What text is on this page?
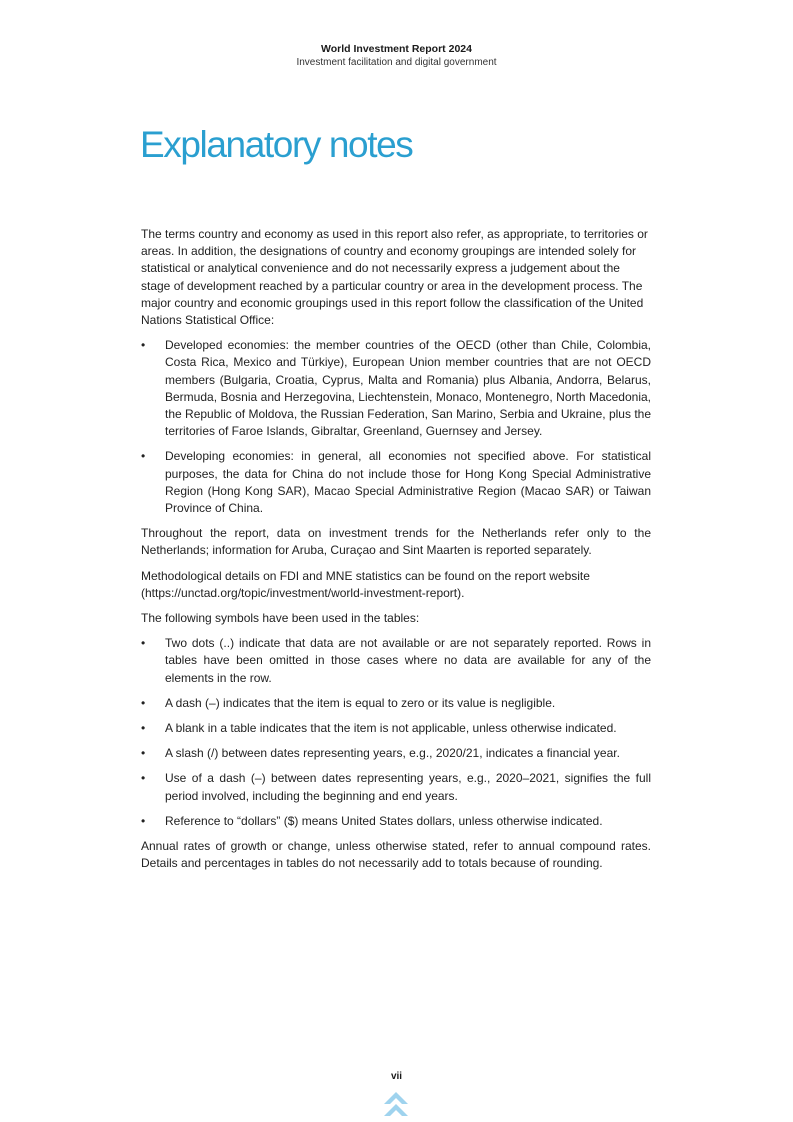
World Investment Report 2024
Investment facilitation and digital government
Explanatory notes

The terms country and economy as used in this report also refer, as appropriate, to territories or areas. In addition, the designations of country and economy groupings are intended solely for statistical or analytical convenience and do not necessarily express a judgement about the stage of development reached by a particular country or area in the development process. The major country and economic groupings used in this report follow the classification of the United Nations Statistical Office:

•	Developed economies: the member countries of the OECD (other than Chile, Colombia, Costa Rica, Mexico and Türkiye), European Union member countries that are not OECD members (Bulgaria, Croatia, Cyprus, Malta and Romania) plus Albania, Andorra, Belarus, Bermuda, Bosnia and Herzegovina, Liechtenstein, Monaco, Montenegro, North Macedonia, the Republic of Moldova, the Russian Federation, San Marino, Serbia and Ukraine, plus the territories of Faroe Islands, Gibraltar, Greenland, Guernsey and Jersey.
•	Developing economies: in general, all economies not specified above. For statistical purposes, the data for China do not include those for Hong Kong Special Administrative Region (Hong Kong SAR), Macao Special Administrative Region (Macao SAR) or Taiwan Province of China.

Throughout the report, data on investment trends for the Netherlands refer only to the Netherlands; information for Aruba, Curaçao and Sint Maarten is reported separately.

Methodological details on FDI and MNE statistics can be found on the report website (https://unctad.org/topic/investment/world-investment-report).

The following symbols have been used in the tables:

•	Two dots (..) indicate that data are not available or are not separately reported. Rows in tables have been omitted in those cases where no data are available for any of the elements in the row.
•	A dash (–) indicates that the item is equal to zero or its value is negligible.
•	A blank in a table indicates that the item is not applicable, unless otherwise indicated.
•	A slash (/) between dates representing years, e.g., 2020/21, indicates a financial year.
•	Use of a dash (–) between dates representing years, e.g., 2020–2021, signifies the full period involved, including the beginning and end years.
•	Reference to “dollars” ($) means United States dollars, unless otherwise indicated.

Annual rates of growth or change, unless otherwise stated, refer to annual compound rates. Details and percentages in tables do not necessarily add to totals because of rounding.

vii
